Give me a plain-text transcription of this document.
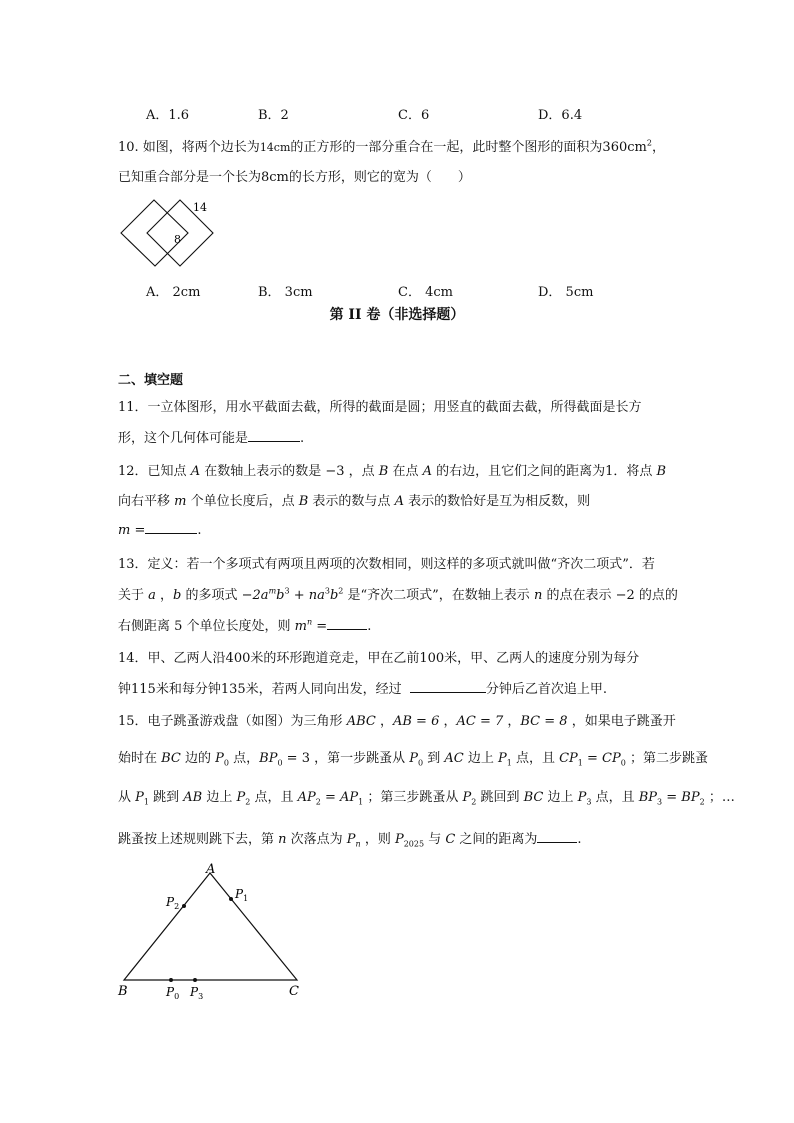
A．1.6	B．2	C．6	D．6.4
10. 如图，将两个边长为14cm的正方形的一部分重合在一起，此时整个图形的面积为$360cm^2$，
已知重合部分是一个长为8cm的长方形，则它的宽为（　　）
14
8
A． 2cm	B． 3cm	C． 4cm	D． 5cm
第 II 卷（非选择题）
二、填空题
11．一立体图形，用水平截面去截，所得的截面是圆；用竖直的截面去截，所得截面是长方
形，这个几何体可能是	.
12．已知点 A 在数轴上表示的数是 −3 ，点 B 在点 A 的右边，且它们之间的距离为1．将点 B
向右平移 m 个单位长度后，点 B 表示的数与点 A 表示的数恰好是互为相反数，则
m =	.
13．定义：若一个多项式有两项且两项的次数相同，则这样的多项式就叫做“齐次二项式”．若
关于 a ，b 的多项式 $-2a^mb^3 + na^3b^2$ 是“齐次二项式”，在数轴上表示 n 的点在表示 −2 的点的
右侧距离 5 个单位长度处，则 $m^n$ =	.
14．甲、乙两人沿400米的环形跑道竞走，甲在乙前100米，甲、乙两人的速度分别为每分
钟115米和每分钟135米，若两人同向出发，经过	分钟后乙首次追上甲.
15．电子跳蚤游戏盘（如图）为三角形 ABC ，AB = 6 ，AC = 7 ，BC = 8 ，如果电子跳蚤开
始时在 BC 边的 $P_0$ 点，$BP_0 = 3$ ，第一步跳蚤从 $P_0$ 到 AC 边上 $P_1$ 点，且 $CP_1 = CP_0$ ；第二步跳蚤
从 $P_1$ 跳到 AB 边上 $P_2$ 点，且 $AP_2 = AP_1$ ；第三步跳蚤从 $P_2$ 跳回到 BC 边上 $P_3$ 点，且 $BP_3 = BP_2$ ；…
跳蚤按上述规则跳下去，第 n 次落点为 $P_n$ ，则 $P_{2025}$ 与 C 之间的距离为	.
A
B	C
$P_0$ $P_3$
$P_1$
$P_2$
